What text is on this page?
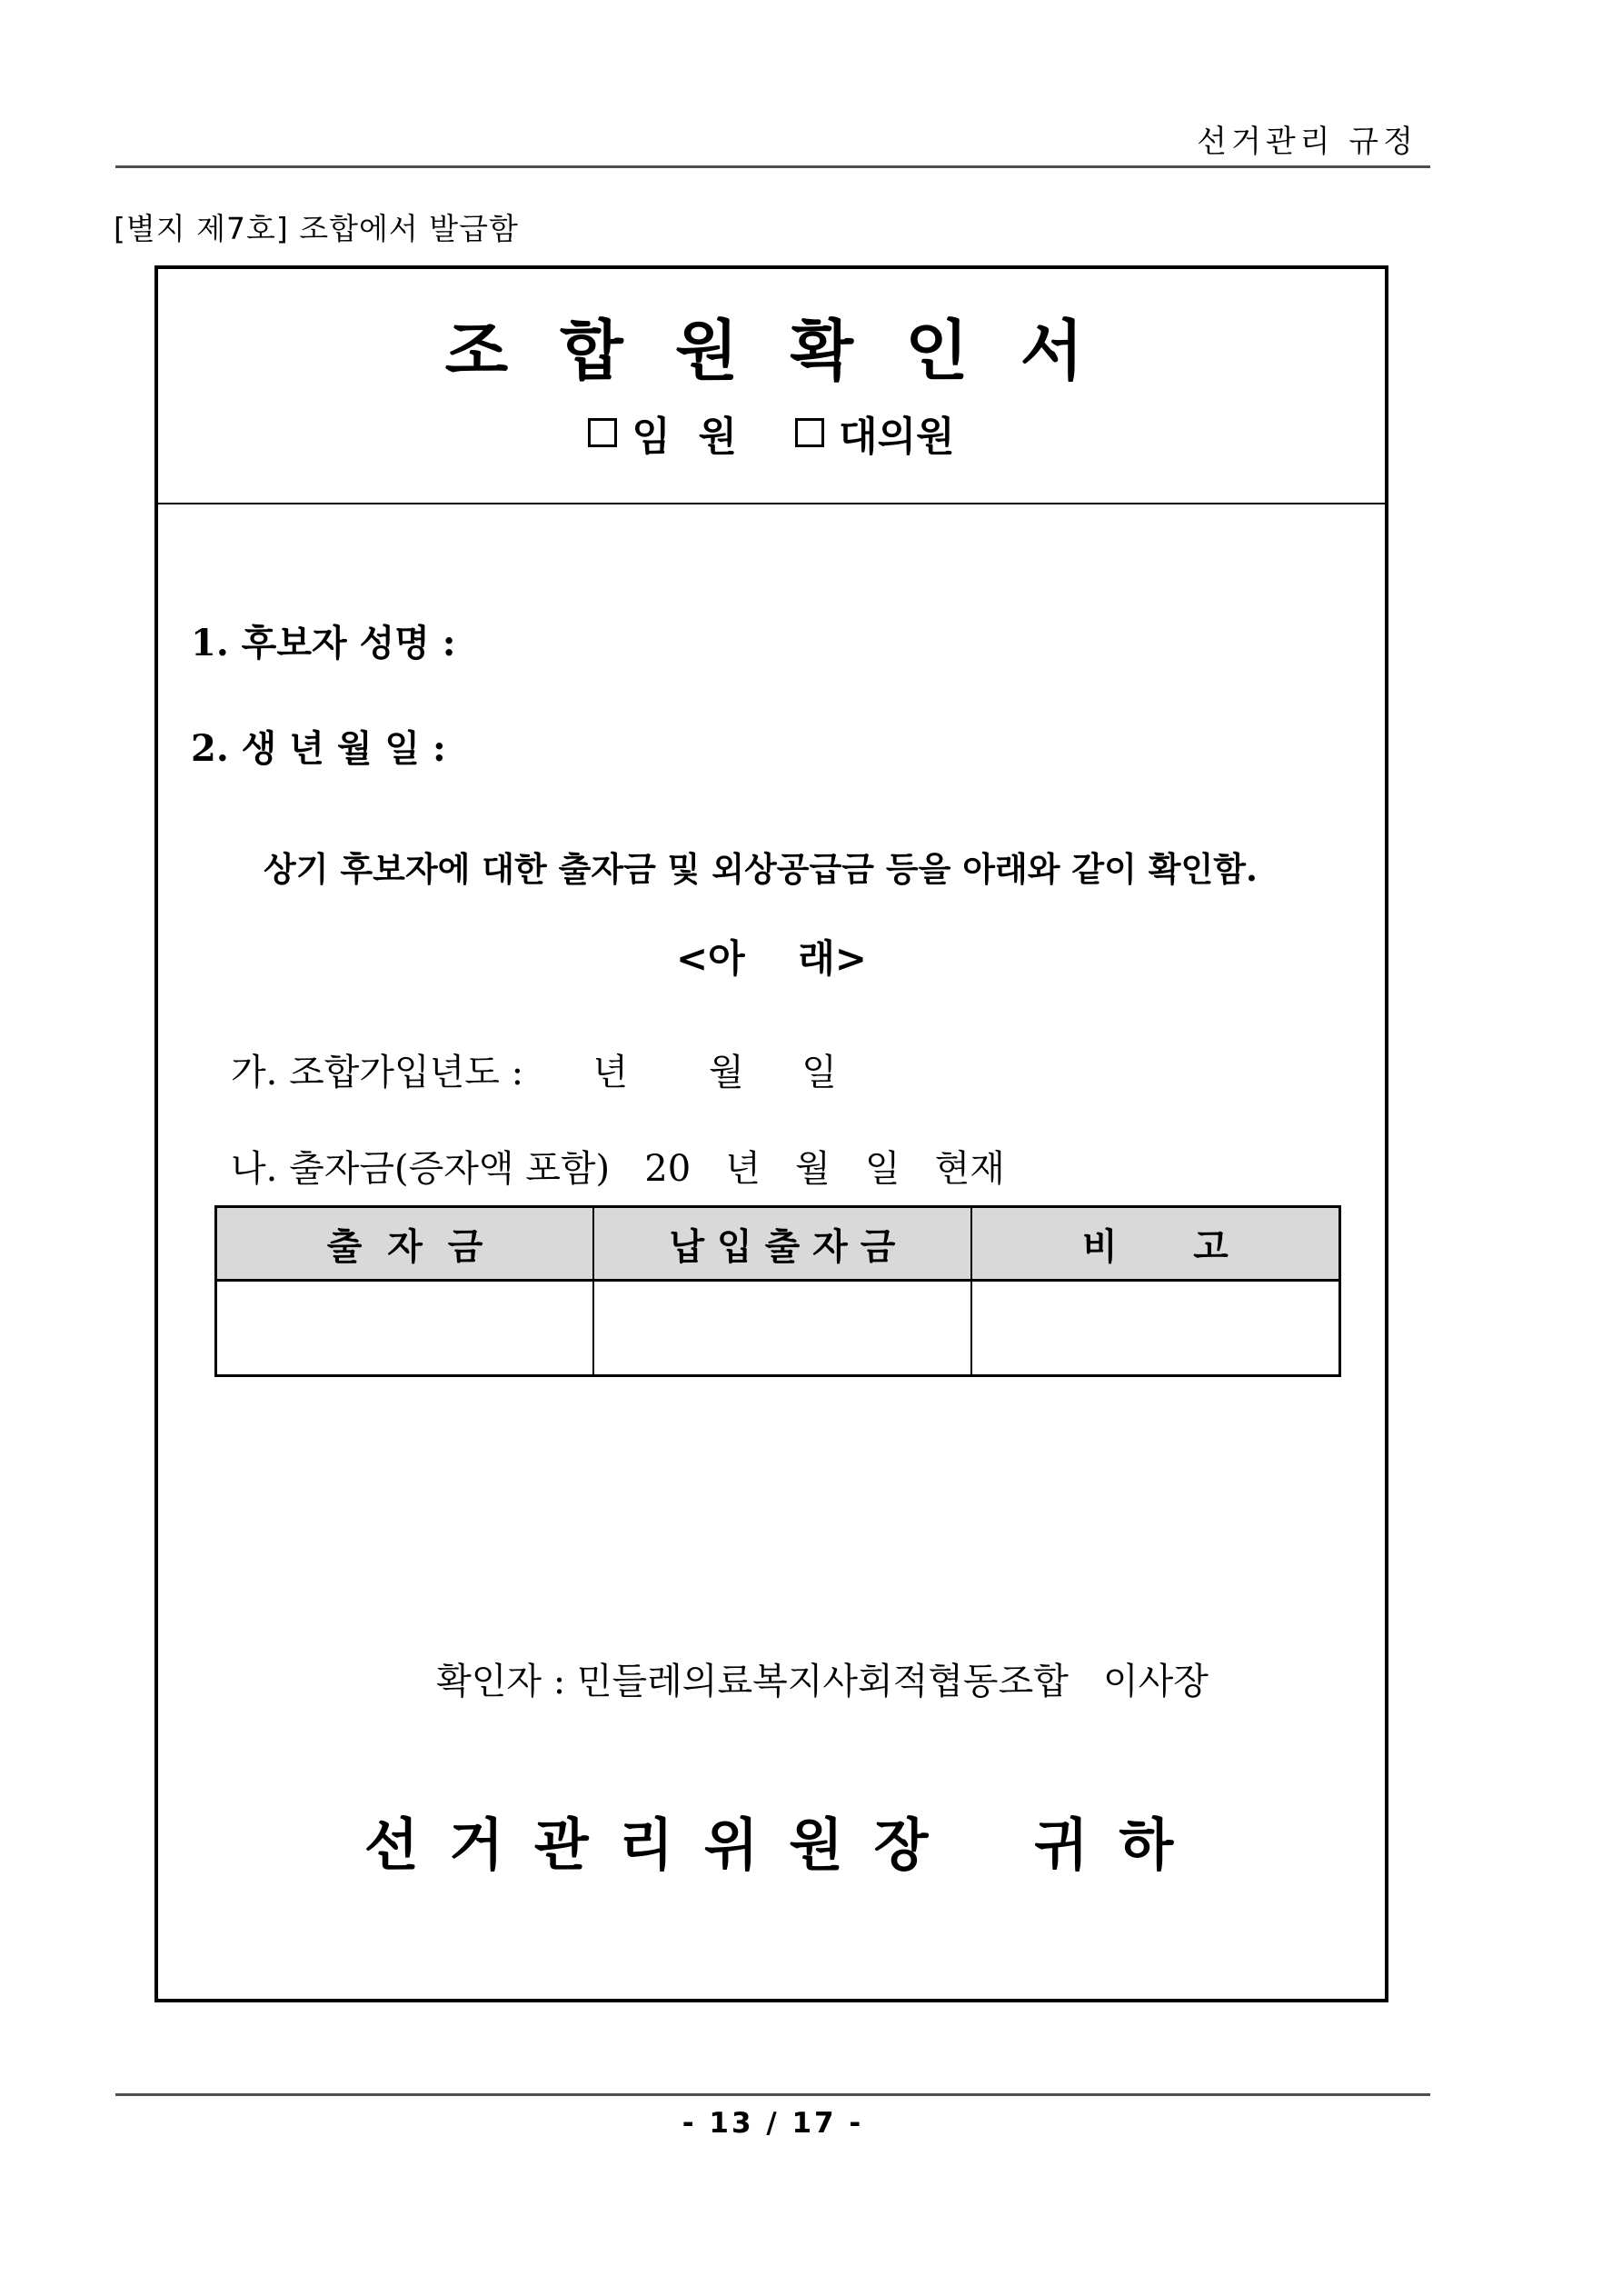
선거관리 규정
[별지 제7호] 조합에서 발급함
조 합 원 확 인 서
임  원	대의원
1. 후보자 성명 :
2. 생 년 월 일 :
상기 후보자에 대한 출자금 및 외상공급금 등을 아래와 같이 확인함.
<아    래>
가. 조합가입년도 :      년       월     일
나. 출자금(증자액 포함)   20   년   월   일   현재
출  자  금	납 입 출 자 금	비      고

확인자 : 민들레의료복지사회적협동조합   이사장
선 거 관 리 위 원 장    귀 하
- 13 / 17 -
